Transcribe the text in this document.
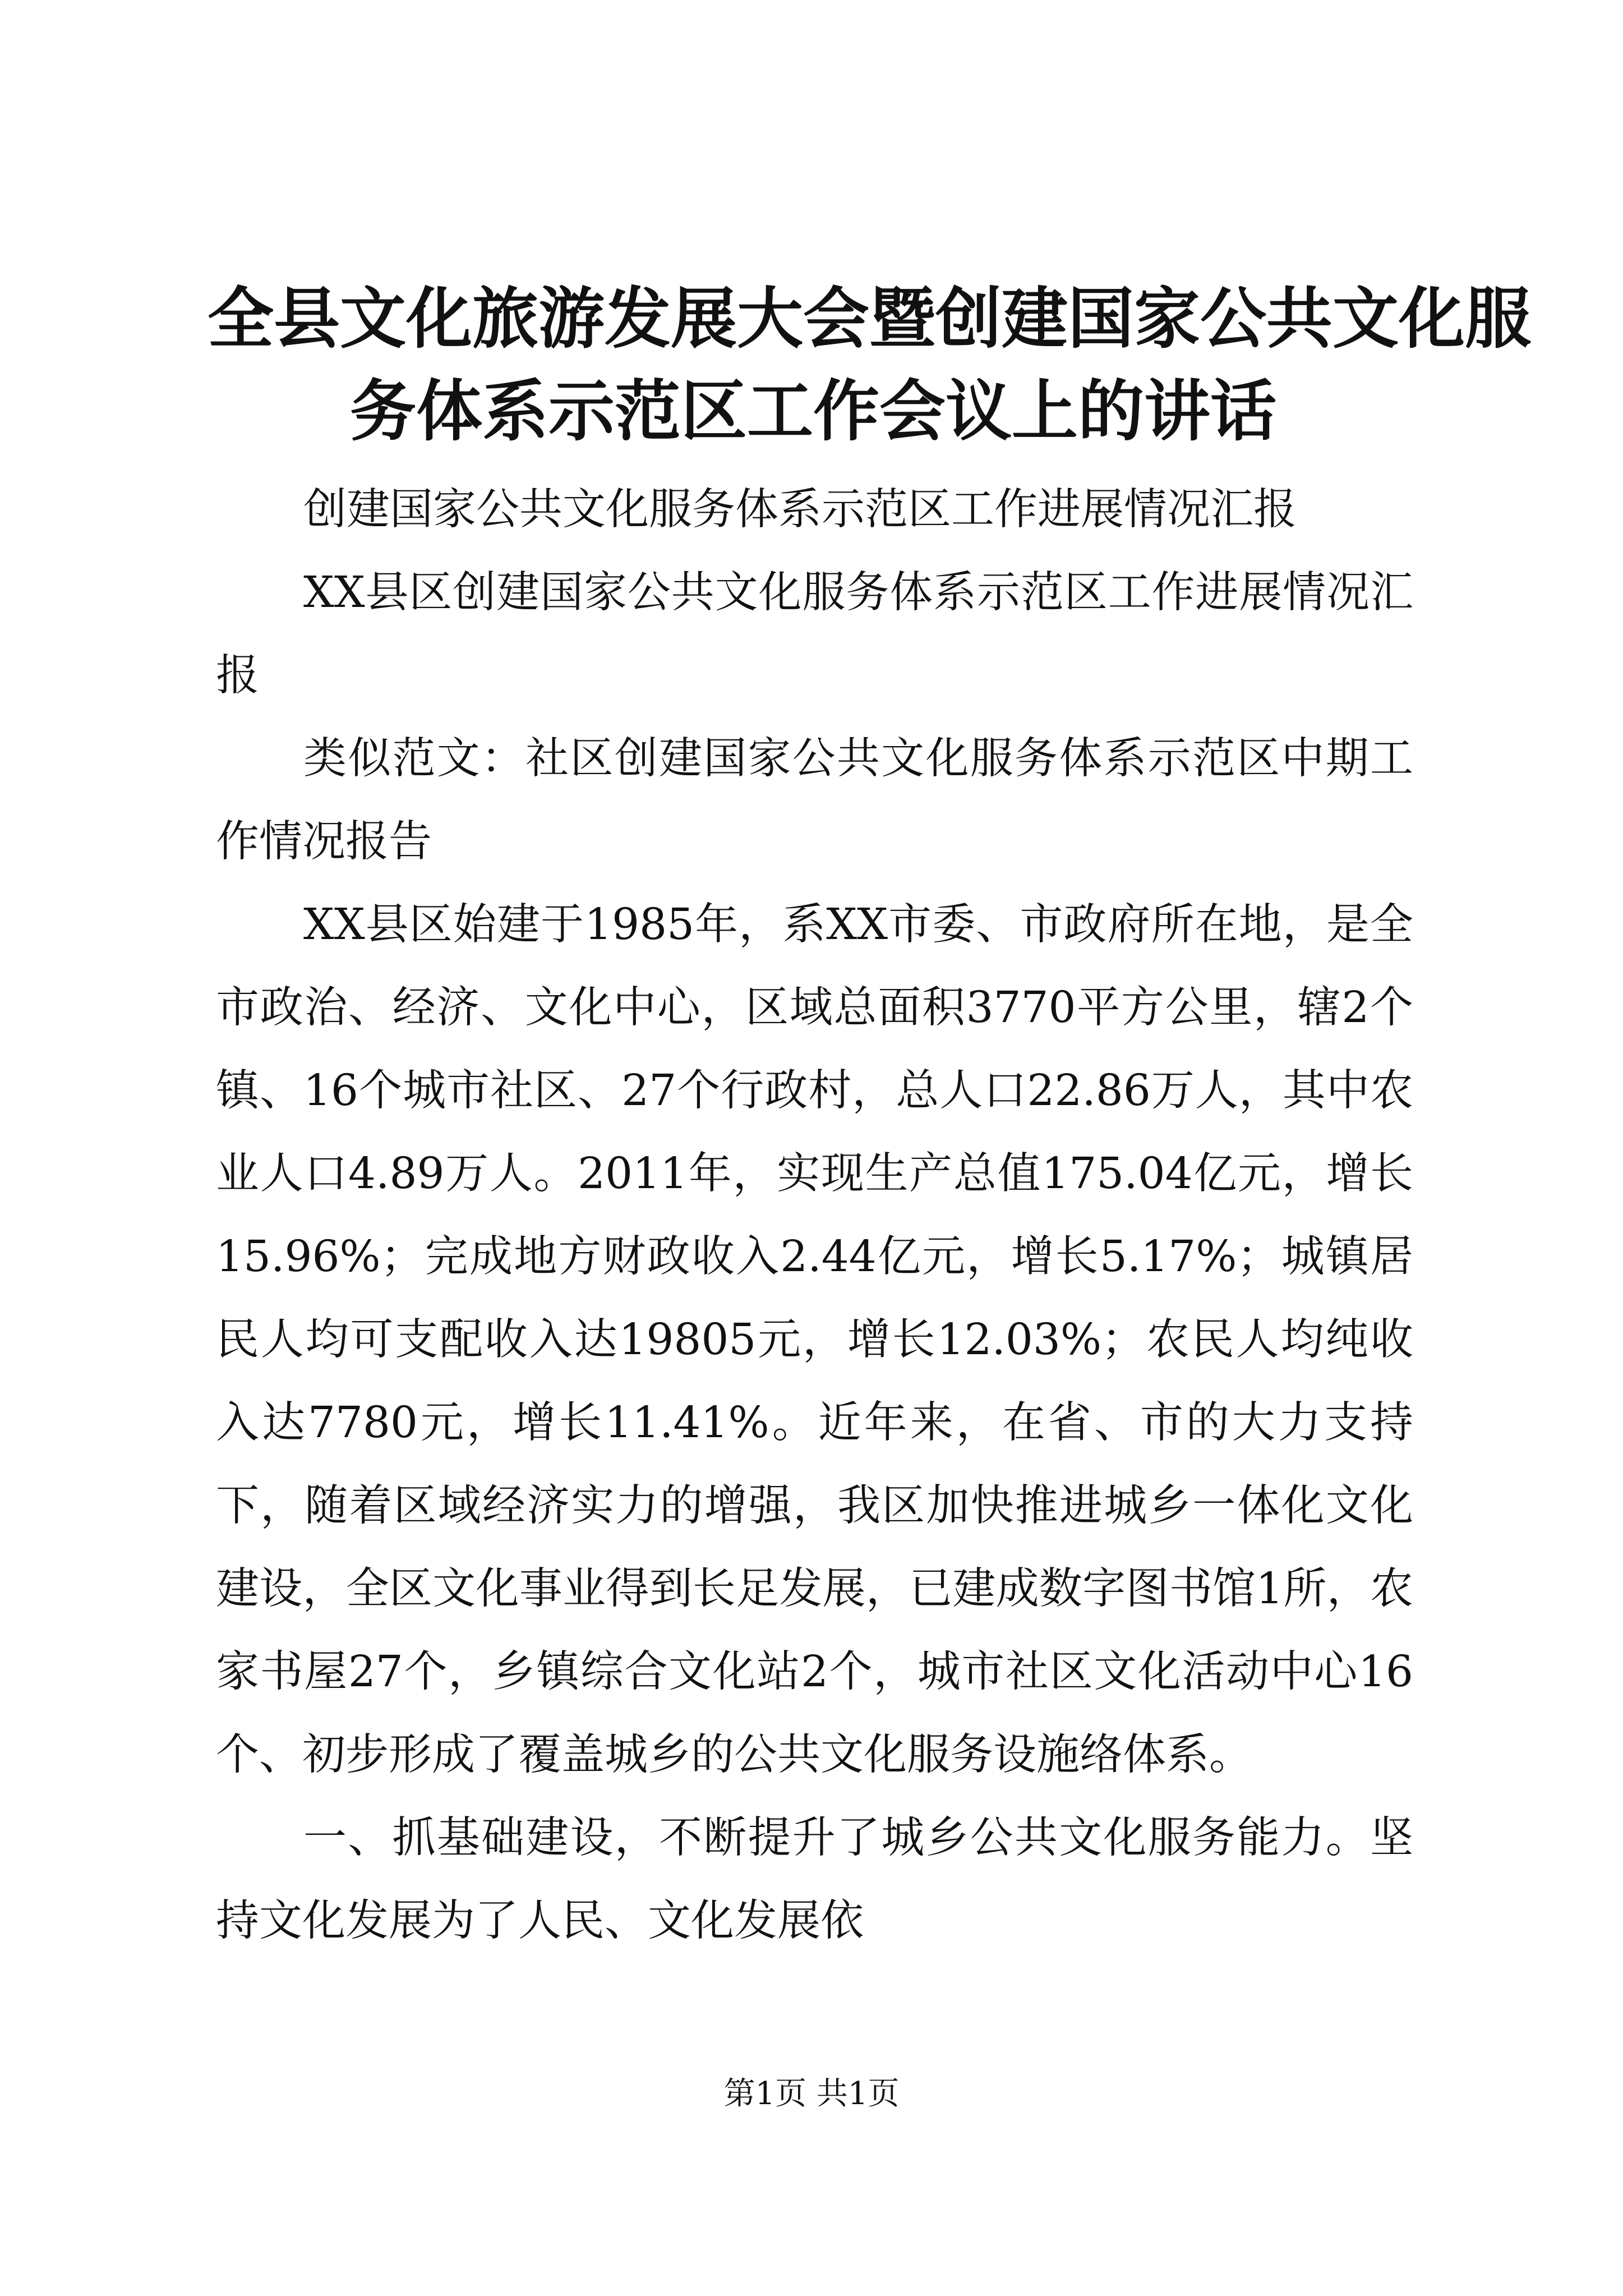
全县文化旅游发展大会暨创建国家公共文化服
务体系示范区工作会议上的讲话

创建国家公共文化服务体系示范区工作进展情况汇报

XX县区创建国家公共文化服务体系示范区工作进展情况汇报

类似范文：社区创建国家公共文化服务体系示范区中期工作情况报告

XX县区始建于1985年，系XX市委、市政府所在地，是全市政治、经济、文化中心，区域总面积3770平方公里，辖2个镇、16个城市社区、27个行政村，总人口22.86万人，其中农业人口4.89万人。2011年，实现生产总值175.04亿元，增长15.96%；完成地方财政收入2.44亿元，增长5.17%；城镇居民人均可支配收入达19805元，增长12.03%；农民人均纯收入达7780元，增长11.41%。近年来，在省、市的大力支持下，随着区域经济实力的增强，我区加快推进城乡一体化文化建设，全区文化事业得到长足发展，已建成数字图书馆1所，农家书屋27个，乡镇综合文化站2个，城市社区文化活动中心16个、初步形成了覆盖城乡的公共文化服务设施络体系。

一、抓基础建设，不断提升了城乡公共文化服务能力。坚持文化发展为了人民、文化发展依

第1页 共1页
